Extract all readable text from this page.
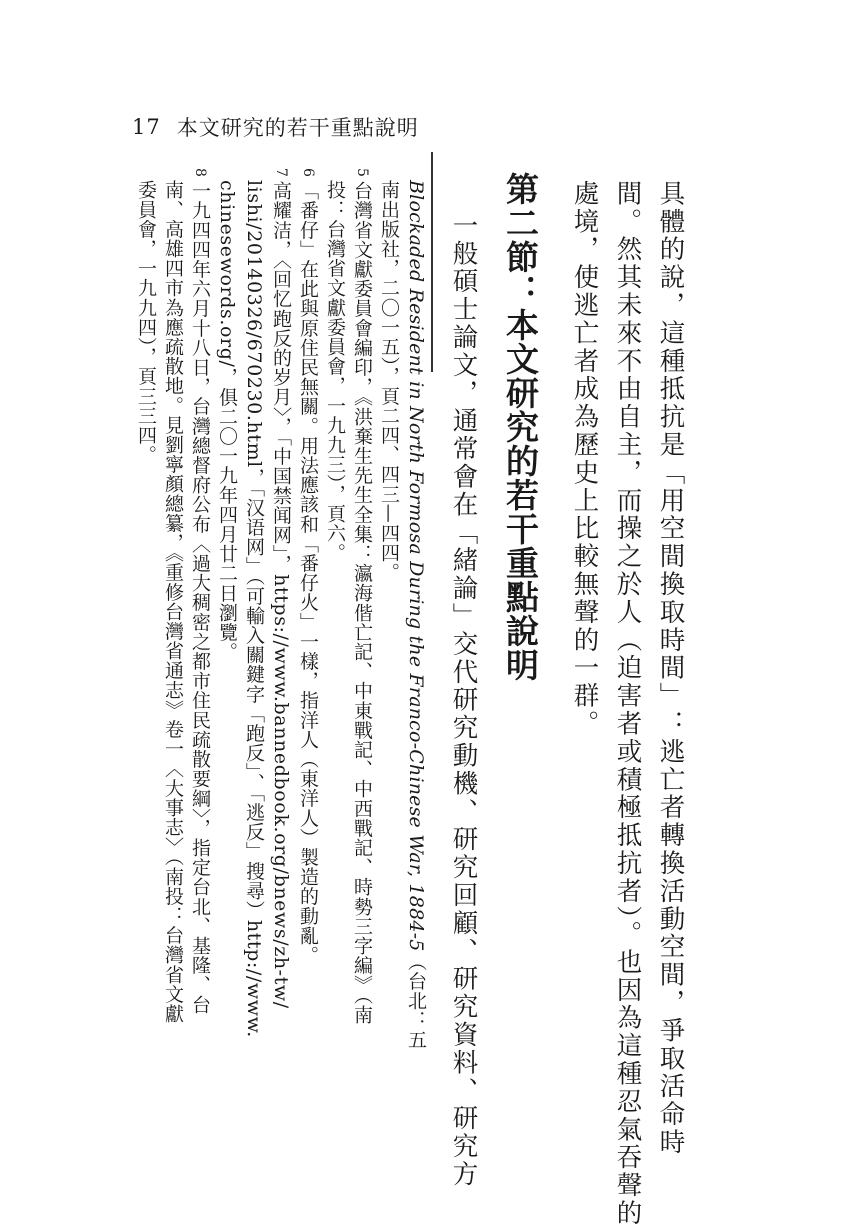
17 本文研究的若干重點說明
具體的說，這種抵抗是「用空間換取時間」：逃亡者轉換活動空間，爭取活命時
間。然其未來不由自主，而操之於人（迫害者或積極抵抗者）。也因為這種忍氣吞聲的
處境，使逃亡者成為歷史上比較無聲的一群。
第二節：本文研究的若干重點說明
一般碩士論文，通常會在「緒論」交代研究動機、研究回顧、研究資料、研究方
Blockaded Resident in North Formosa During the Franco-Chinese War, 1884-5（台北：五
南出版社，二〇一五），頁二四、四三—四四。
5台灣省文獻委員會編印，《洪棄生先生全集：瀛海偕亡記、中東戰記、中西戰記、時勢三字編》（南
投：台灣省文獻委員會，一九九三），頁六。
6「番仔」在此與原住民無關。用法應該和「番仔火」一樣，指洋人（東洋人）製造的動亂。
7高耀洁，〈回忆跑反的岁月〉，「中国禁闻网」，https://www.bannedbook.org/bnews/zh-tw/
lishi/20140326/670230.html，「汉语网」（可輸入關鍵字「跑反」、「逃反」搜尋）http://www.
chinesewords.org/，俱二〇一九年四月廿二日瀏覽。
8一九四四年六月十八日，台灣總督府公布〈過大稠密之都市住民疏散要綱〉，指定台北、基隆、台
南、高雄四市為應疏散地。見劉寧顏總纂，《重修台灣省通志》卷一〈大事志〉（南投：台灣省文獻
委員會，一九九四），頁三三四。
